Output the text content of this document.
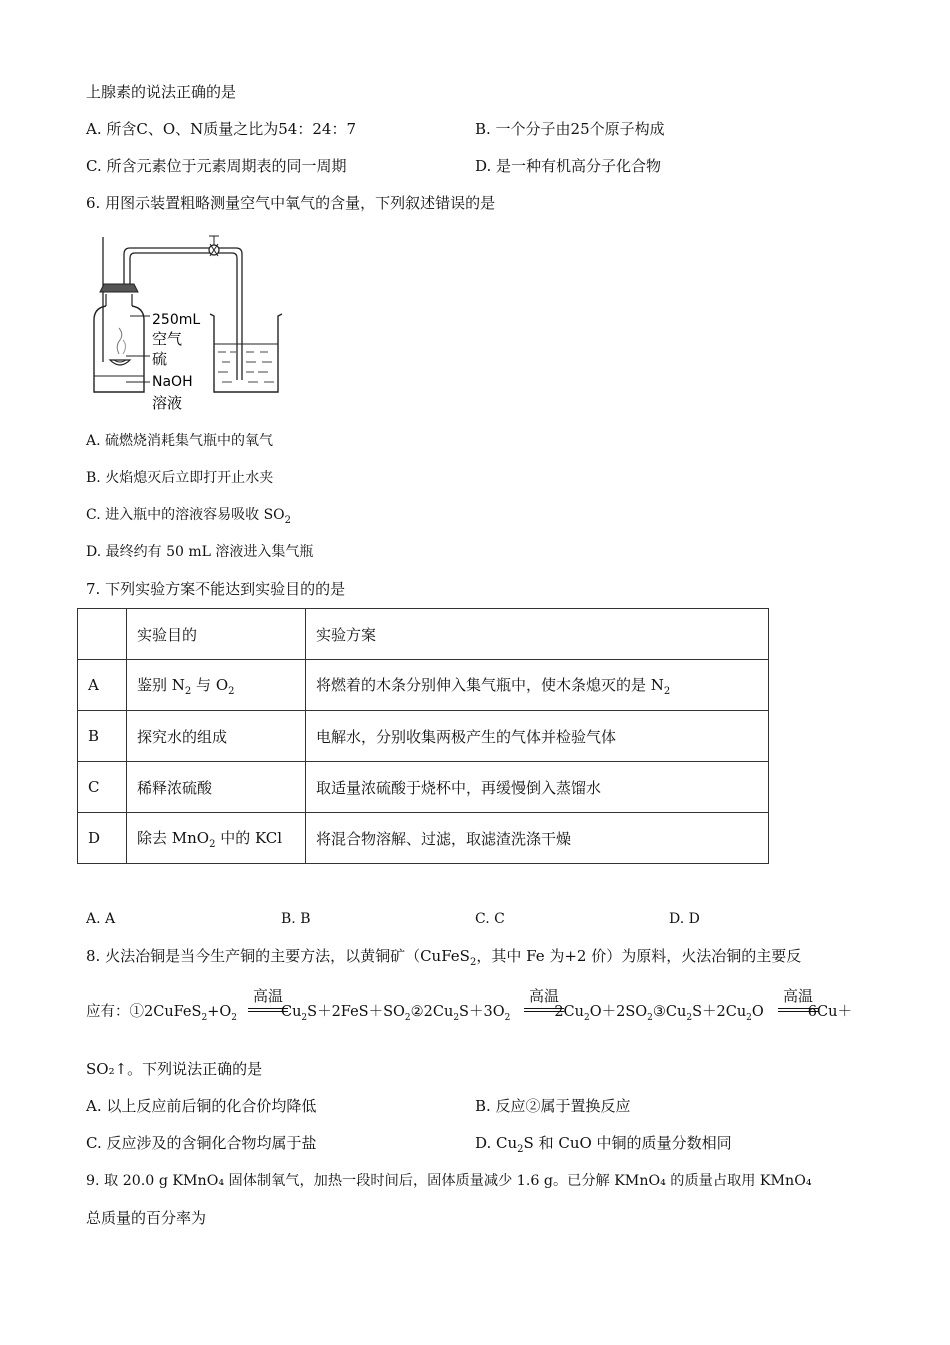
上腺素的说法正确的是
A. 所含C、O、N质量之比为54：24：7	B. 一个分子由25个原子构成
C. 所含元素位于元素周期表的同一周期	D. 是一种有机高分子化合物
6. 用图示装置粗略测量空气中氧气的含量，下列叙述错误的是
250mL
空气
硫
NaOH
溶液
A. 硫燃烧消耗集气瓶中的氧气
B. 火焰熄灭后立即打开止水夹
C. 进入瓶中的溶液容易吸收 $SO_2$
D. 最终约有 50 mL 溶液进入集气瓶
7. 下列实验方案不能达到实验目的的是
	实验目的	实验方案
A	鉴别 $N_2$ 与 $O_2$	将燃着的木条分别伸入集气瓶中，使木条熄灭的是 $N_2$
B	探究水的组成	电解水，分别收集两极产生的气体并检验气体
C	稀释浓硫酸	取适量浓硫酸于烧杯中，再缓慢倒入蒸馏水
D	除去 MnO$_2$ 中的 KCl	将混合物溶解、过滤，取滤渣洗涤干燥
A. A	B. B	C. C	D. D
8. 火法冶铜是当今生产铜的主要方法，以黄铜矿（CuFeS$_2$，其中 Fe 为+2 价）为原料，火法冶铜的主要反
高温	高温	高温
应有：$①2CuFeS_2+O_2$	$Cu_2S+2FeS+SO_2②2Cu_2S+3O_2$	$2Cu_2O+2SO_2③Cu_2S+2Cu_2O$	6Cu＋
SO₂↑。下列说法正确的是
A. 以上反应前后铜的化合价均降低	B. 反应②属于置换反应
C. 反应涉及的含铜化合物均属于盐	D. $Cu_2S$ 和 CuO 中铜的质量分数相同
9. 取 20.0 g KMnO₄ 固体制氧气，加热一段时间后，固体质量减少 1.6 g。已分解 KMnO₄ 的质量占取用 KMnO₄
总质量的百分率为
